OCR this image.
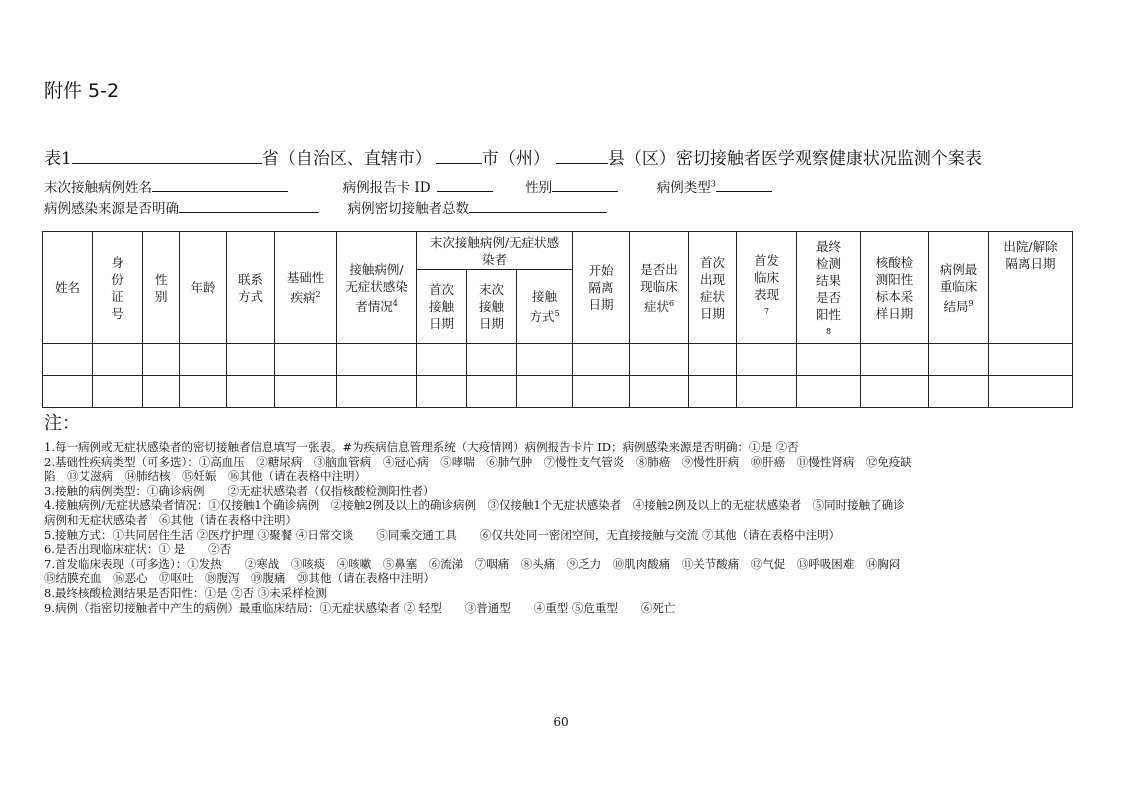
附件 5-2
表1	省（自治区、直辖市）	市（州）	县（区）密切接触者医学观察健康状况监测个案表
末次接触病例姓名	病例报告卡 ID	性别	病例类型$^3$
病例感染来源是否明确	病例密切接触者总数
姓名	身份证号	性别	年龄	联系方式	基础性疾病$^2$	接触病例/无症状感染者情况$^4$	末次接触病例/无症状感染者			开始隔离日期	是否出现临床症状$^6$	首次出现症状日期	首发临床表现$^7$	最终检测结果是否阳性$^8$	核酸检测阳性标本采样日期	病例最重临床结局$^9$	出院/解除隔离日期

							首次接触日期	末次接触日期	接触方式$^5$

注：

1.每一病例或无症状感染者的密切接触者信息填写一张表。#为疾病信息管理系统（大疫情网）病例报告卡片 ID；病例感染来源是否明确：①是 ②否

2.基础性疾病类型（可多选）：①高血压　②糖尿病　③脑血管病　④冠心病　⑤哮喘　⑥肺气肿　⑦慢性支气管炎　⑧肺癌　⑨慢性肝病　⑩肝癌　⑪慢性肾病　⑫免疫缺

陷　⑬艾滋病　⑭肺结核　⑮妊娠　⑯其他（请在表格中注明）

3.接触的病例类型：①确诊病例　　②无症状感染者（仅指核酸检测阳性者）

4.接触病例/无症状感染者情况：①仅接触1个确诊病例　②接触2例及以上的确诊病例　③仅接触1个无症状感染者　④接触2例及以上的无症状感染者　⑤同时接触了确诊

病例和无症状感染者　⑥其他（请在表格中注明）

5.接触方式：①共同居住生活 ②医疗护理 ③聚餐 ④日常交谈　　⑤同乘交通工具　　⑥仅共处同一密闭空间，无直接接触与交流 ⑦其他（请在表格中注明）

6.是否出现临床症状：① 是　　②否

7.首发临床表现（可多选）：①发热　　②寒战　③咳痰　④咳嗽　⑤鼻塞　⑥流涕　⑦咽痛　⑧头痛　⑨乏力　⑩肌肉酸痛　⑪关节酸痛　⑫气促　⑬呼吸困难　⑭胸闷

⑮结膜充血　⑯恶心　⑰呕吐　⑱腹泻　⑲腹痛　⑳其他（请在表格中注明）

8.最终核酸检测结果是否阳性：①是 ②否 ③未采样检测

9.病例（指密切接触者中产生的病例）最重临床结局：①无症状感染者 ② 轻型　　③普通型　　④重型 ⑤危重型　　⑥死亡

60
